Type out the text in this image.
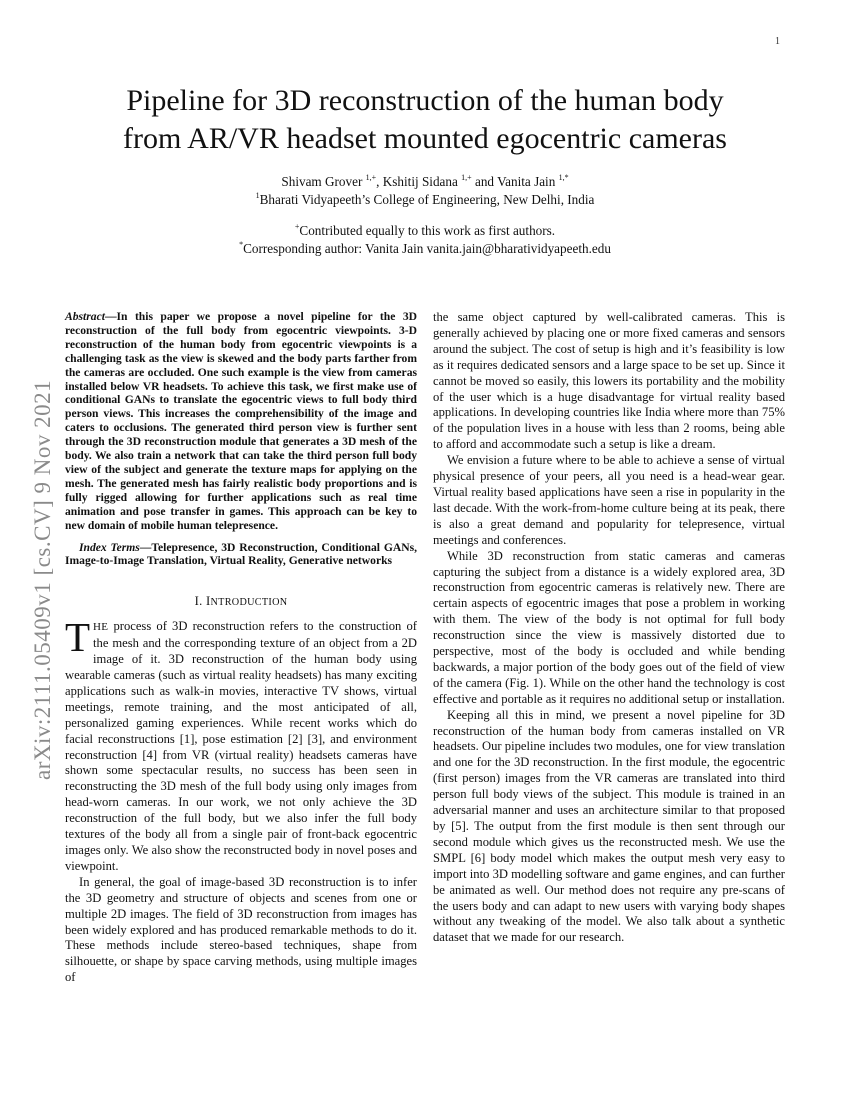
1
arXiv:2111.05409v1 [cs.CV] 9 Nov 2021
Pipeline for 3D reconstruction of the human body
from AR/VR headset mounted egocentric cameras
Shivam Grover $^{1,+}$, Kshitij Sidana $^{1,+}$ and Vanita Jain $^{1,*}$
$^1$Bharati Vidyapeeth’s College of Engineering, New Delhi, India
+Contributed equally to this work as first authors.
*Corresponding author: Vanita Jain vanita.jain@bharatividyapeeth.edu

Abstract—In this paper we propose a novel pipeline for the 3D reconstruction of the full body from egocentric viewpoints. 3-D reconstruction of the human body from egocentric viewpoints is a challenging task as the view is skewed and the body parts farther from the cameras are occluded. One such example is the view from cameras installed below VR headsets. To achieve this task, we first make use of conditional GANs to translate the egocentric views to full body third person views. This increases the comprehensibility of the image and caters to occlusions. The generated third person view is further sent through the 3D reconstruction module that generates a 3D mesh of the body. We also train a network that can take the third person full body view of the subject and generate the texture maps for applying on the mesh. The generated mesh has fairly realistic body proportions and is fully rigged allowing for further applications such as real time animation and pose transfer in games. This approach can be key to new domain of mobile human telepresence.

Index Terms—Telepresence, 3D Reconstruction, Conditional GANs, Image-to-Image Translation, Virtual Reality, Generative networks

I. INTRODUCTION

THE process of 3D reconstruction refers to the construction of the mesh and the corresponding texture of an object from a 2D image of it. 3D reconstruction of the human body using wearable cameras (such as virtual reality headsets) has many exciting applications such as walk-in movies, interactive TV shows, virtual meetings, remote training, and the most anticipated of all, personalized gaming experiences. While recent works which do facial reconstructions [1], pose estimation [2] [3], and environment reconstruction [4] from VR (virtual reality) headsets cameras have shown some spectacular results, no success has been seen in reconstructing the 3D mesh of the full body using only images from head-worn cameras. In our work, we not only achieve the 3D reconstruction of the full body, but we also infer the full body textures of the body all from a single pair of front-back egocentric images only. We also show the reconstructed body in novel poses and viewpoint.

In general, the goal of image-based 3D reconstruction is to infer the 3D geometry and structure of objects and scenes from one or multiple 2D images. The field of 3D reconstruction from images has been widely explored and has produced remarkable methods to do it. These methods include stereo-based techniques, shape from silhouette, or shape by space carving methods, using multiple images of

the same object captured by well-calibrated cameras. This is generally achieved by placing one or more fixed cameras and sensors around the subject. The cost of setup is high and it’s feasibility is low as it requires dedicated sensors and a large space to be set up. Since it cannot be moved so easily, this lowers its portability and the mobility of the user which is a huge disadvantage for virtual reality based applications. In developing countries like India where more than 75% of the population lives in a house with less than 2 rooms, being able to afford and accommodate such a setup is like a dream.

We envision a future where to be able to achieve a sense of virtual physical presence of your peers, all you need is a head-wear gear. Virtual reality based applications have seen a rise in popularity in the last decade. With the work-from-home culture being at its peak, there is also a great demand and popularity for telepresence, virtual meetings and conferences.

While 3D reconstruction from static cameras and cameras capturing the subject from a distance is a widely explored area, 3D reconstruction from egocentric cameras is relatively new. There are certain aspects of egocentric images that pose a problem in working with them. The view of the body is not optimal for full body reconstruction since the view is massively distorted due to perspective, most of the body is occluded and while bending backwards, a major portion of the body goes out of the field of view of the camera (Fig. 1). While on the other hand the technology is cost effective and portable as it requires no additional setup or installation.

Keeping all this in mind, we present a novel pipeline for 3D reconstruction of the human body from cameras installed on VR headsets. Our pipeline includes two modules, one for view translation and one for the 3D reconstruction. In the first module, the egocentric (first person) images from the VR cameras are translated into third person full body views of the subject. This module is trained in an adversarial manner and uses an architecture similar to that proposed by [5]. The output from the first module is then sent through our second module which gives us the reconstructed mesh. We use the SMPL [6] body model which makes the output mesh very easy to import into 3D modelling software and game engines, and can further be animated as well. Our method does not require any pre-scans of the users body and can adapt to new users with varying body shapes without any tweaking of the model. We also talk about a synthetic dataset that we made for our research.
